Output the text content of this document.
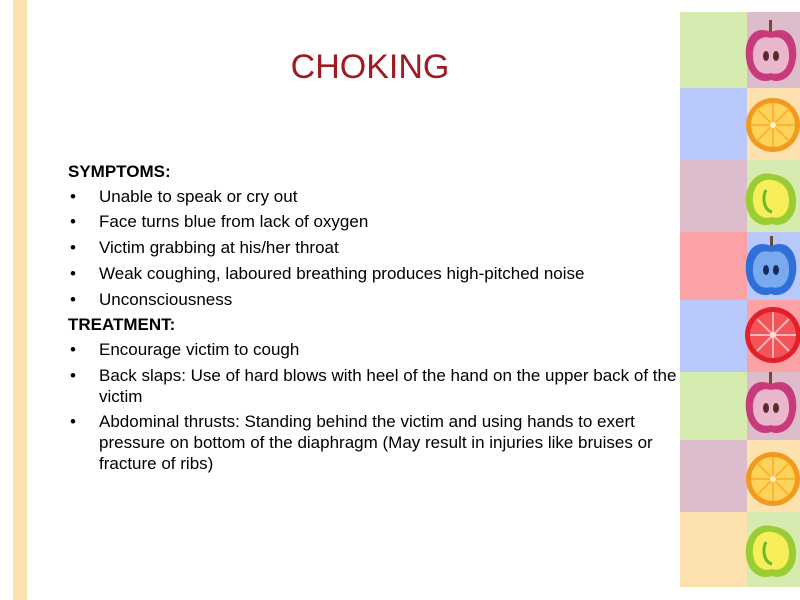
CHOKING
SYMPTOMS:
• Unable to speak or cry out
• Face turns blue from lack of oxygen
• Victim grabbing at his/her throat
• Weak coughing, laboured breathing produces high-pitched noise
• Unconsciousness
TREATMENT:
• Encourage victim to cough
• Back slaps: Use of hard blows with heel of the hand on the upper back of the victim
• Abdominal thrusts: Standing behind the victim and using hands to exert pressure on bottom of the diaphragm (May result in injuries like bruises or fracture of ribs)
